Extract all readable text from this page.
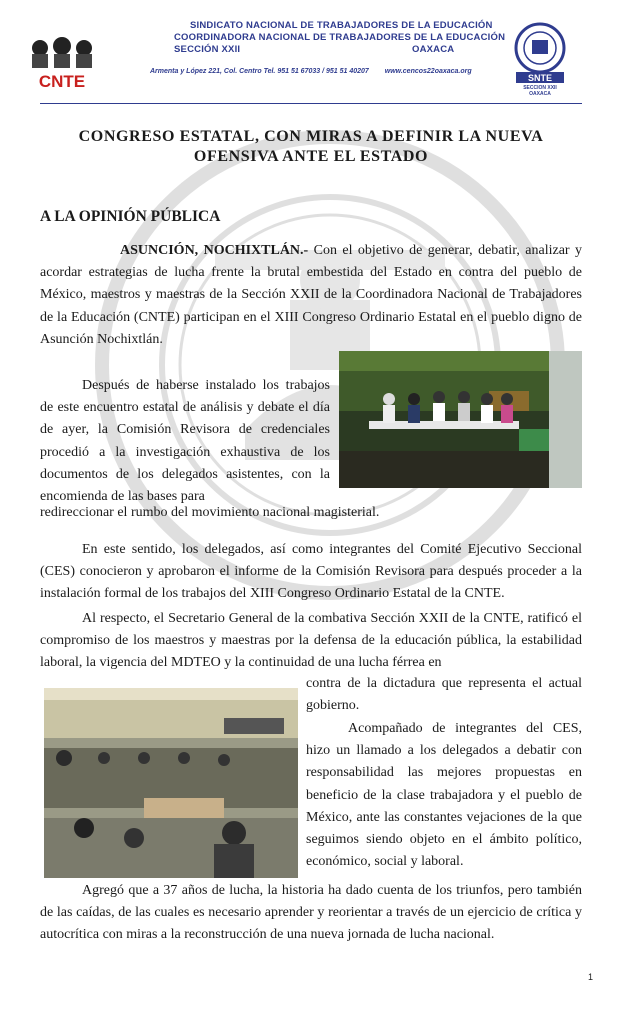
CNTE
SINDICATO NACIONAL DE TRABAJADORES DE LA EDUCACIÓN
COORDINADORA NACIONAL DE TRABAJADORES DE LA EDUCACIÓN
SECCIÓN XXII	OAXACA
Armenta y López 221, Col. Centro Tel. 951 51 67033 / 951 51 40207 www.cencos22oaxaca.org
SNTE
SECCION XXII
OAXACA
CONGRESO ESTATAL, CON MIRAS A DEFINIR LA NUEVA OFENSIVA ANTE EL ESTADO
A LA OPINIÓN PÚBLICA
ASUNCIÓN, NOCHIXTLÁN.- Con el objetivo de generar, debatir, analizar y acordar estrategias de lucha frente la brutal embestida del Estado en contra del pueblo de México, maestros y maestras de la Sección XXII de la Coordinadora Nacional de Trabajadores de la Educación (CNTE) participan en el XIII Congreso Ordinario Estatal en el pueblo digno de Asunción Nochixtlán.
Después de haberse instalado los trabajos de este encuentro estatal de análisis y debate el día de ayer, la Comisión Revisora de credenciales procedió a la investigación exhaustiva de los documentos de los delegados asistentes, con la encomienda de las bases para
redireccionar el rumbo del movimiento nacional magisterial.
En este sentido, los delegados, así como integrantes del Comité Ejecutivo Seccional (CES) conocieron y aprobaron el informe de la Comisión Revisora para después proceder a la instalación formal de los trabajos del XIII Congreso Ordinario Estatal de la CNTE.
Al respecto, el Secretario General de la combativa Sección XXII de la CNTE, ratificó el compromiso de los maestros y maestras por la defensa de la educación pública, la estabilidad laboral, la vigencia del MDTEO y la continuidad de una lucha férrea en
contra de la dictadura que representa el actual gobierno.
Acompañado de integrantes del CES, hizo un llamado a los delegados a debatir con responsabilidad las mejores propuestas en beneficio de la clase trabajadora y el pueblo de México, ante las constantes vejaciones de la que seguimos siendo objeto en el ámbito político, económico, social y laboral.
Agregó que a 37 años de lucha, la historia ha dado cuenta de los triunfos, pero también de las caídas, de las cuales es necesario aprender y reorientar a través de un ejercicio de crítica y autocrítica con miras a la reconstrucción de una nueva jornada de lucha nacional.
1
